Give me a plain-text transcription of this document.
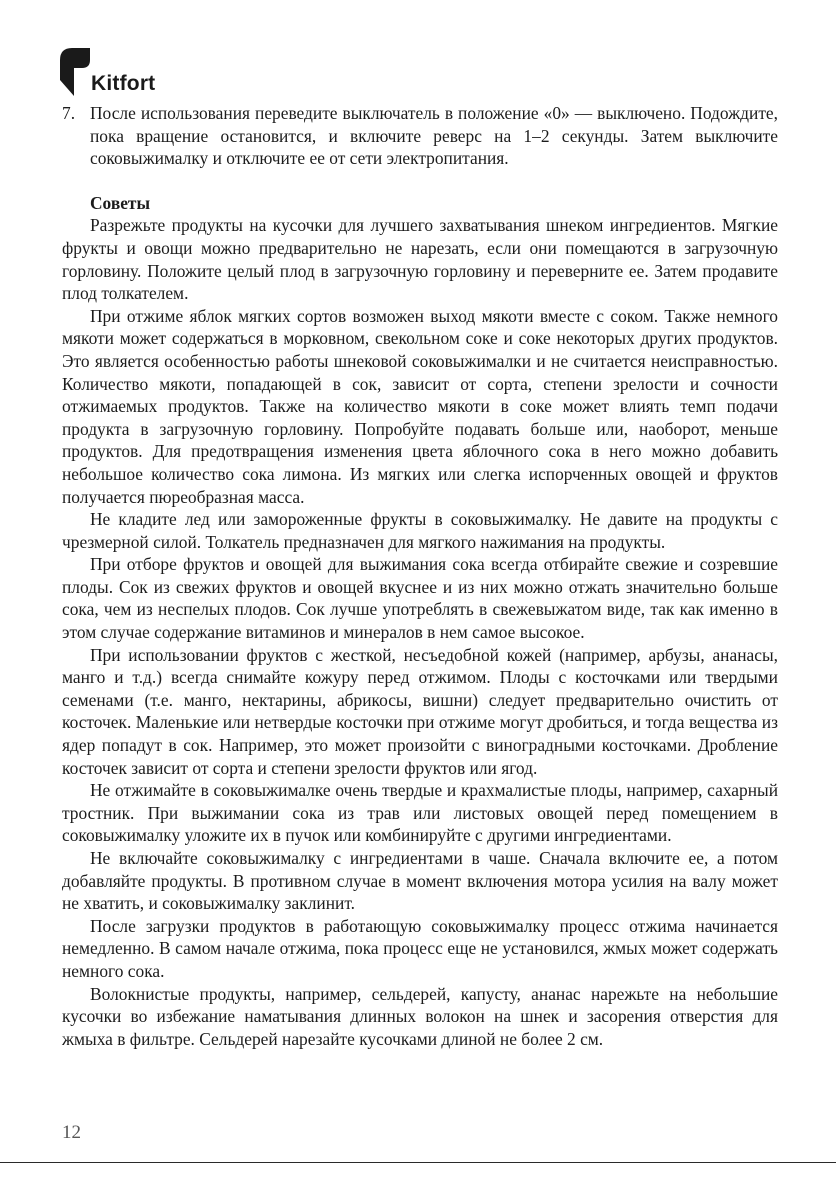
Kitfort
7. После использования переведите выключатель в положение «0» — выключено. Подождите, пока вращение остановится, и включите реверс на 1–2 секунды. Затем выключите соковыжималку и отключите ее от сети электропитания.

Советы

Разрежьте продукты на кусочки для лучшего захватывания шнеком ингредиентов. Мягкие фрукты и овощи можно предварительно не нарезать, если они помещаются в загрузочную горловину. Положите целый плод в загрузочную горловину и переверните ее. Затем продавите плод толкателем.

При отжиме яблок мягких сортов возможен выход мякоти вместе с соком. Также немного мякоти может содержаться в морковном, свекольном соке и соке некоторых других продуктов. Это является особенностью работы шнековой соковыжималки и не считается неисправностью. Количество мякоти, попадающей в сок, зависит от сорта, степени зрелости и сочности отжимаемых продуктов. Также на количество мякоти в соке может влиять темп подачи продукта в загрузочную горловину. Попробуйте подавать больше или, наоборот, меньше продуктов. Для предотвращения изменения цвета яблочного сока в него можно добавить небольшое количество сока лимона. Из мягких или слегка испорченных овощей и фруктов получается пюреобразная масса.

Не кладите лед или замороженные фрукты в соковыжималку. Не давите на продукты с чрезмерной силой. Толкатель предназначен для мягкого нажимания на продукты.

При отборе фруктов и овощей для выжимания сока всегда отбирайте свежие и созревшие плоды. Сок из свежих фруктов и овощей вкуснее и из них можно отжать значительно больше сока, чем из неспелых плодов. Сок лучше употреблять в свежевыжатом виде, так как именно в этом случае содержание витаминов и минералов в нем самое высокое.

При использовании фруктов с жесткой, несъедобной кожей (например, арбузы, ананасы, манго и т.д.) всегда снимайте кожуру перед отжимом. Плоды с косточками или твердыми семенами (т.е. манго, нектарины, абрикосы, вишни) следует предварительно очистить от косточек. Маленькие или нетвердые косточки при отжиме могут дробиться, и тогда вещества из ядер попадут в сок. Например, это может произойти с виноградными косточками. Дробление косточек зависит от сорта и степени зрелости фруктов или ягод.

Не отжимайте в соковыжималке очень твердые и крахмалистые плоды, например, сахарный тростник. При выжимании сока из трав или листовых овощей перед помещением в соковыжималку уложите их в пучок или комбинируйте с другими ингредиентами.

Не включайте соковыжималку с ингредиентами в чаше. Сначала включите ее, а потом добавляйте продукты. В противном случае в момент включения мотора усилия на валу может не хватить, и соковыжималку заклинит.

После загрузки продуктов в работающую соковыжималку процесс отжима начинается немедленно. В самом начале отжима, пока процесс еще не установился, жмых может содержать немного сока.

Волокнистые продукты, например, сельдерей, капусту, ананас нарежьте на небольшие кусочки во избежание наматывания длинных волокон на шнек и засорения отверстия для жмыха в фильтре. Сельдерей нарезайте кусочками длиной не более 2 см.

12
